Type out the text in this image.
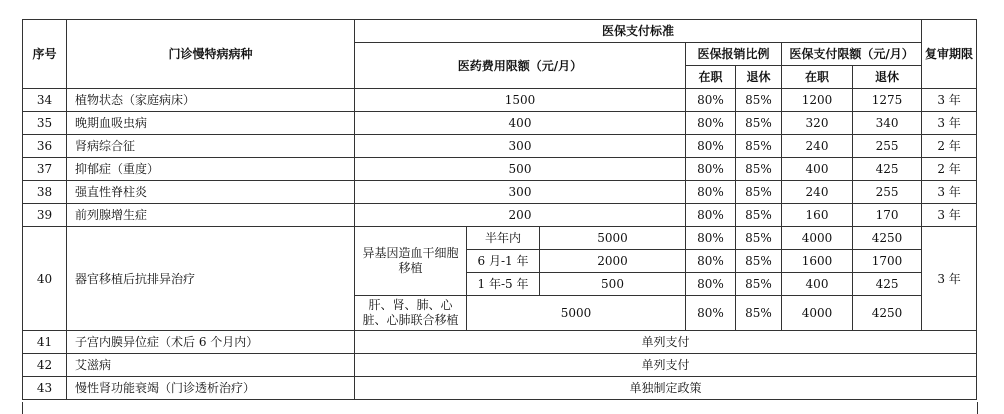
序号	门诊慢特病病种	医保支付标准							复审期限
		医药费用限额（元/月）			医保报销比例		医保支付限额（元/月）		
					在职	退休	在职	退休	
34	植物状态（家庭病床）	1500			80%	85%	1200	1275	3 年
35	晚期血吸虫病	400			80%	85%	320	340	3 年
36	肾病综合征	300			80%	85%	240	255	2 年
37	抑郁症（重度）	500			80%	85%	400	425	2 年
38	强直性脊柱炎	300			80%	85%	240	255	3 年
39	前列腺增生症	200			80%	85%	160	170	3 年
40	器官移植后抗排异治疗	异基因造血干细胞移植	半年内	5000	80%	85%	4000	4250	3 年
			6 月-1 年	2000	80%	85%	1600	1700	
			1 年-5 年	500	80%	85%	400	425	
		肝、肾、肺、心脏、心肺联合移植	5000		80%	85%	4000	4250	
41	子宫内膜异位症（术后 6 个月内）	单列支付							
42	艾滋病	单列支付							
43	慢性肾功能衰竭（门诊透析治疗）	单独制定政策							
